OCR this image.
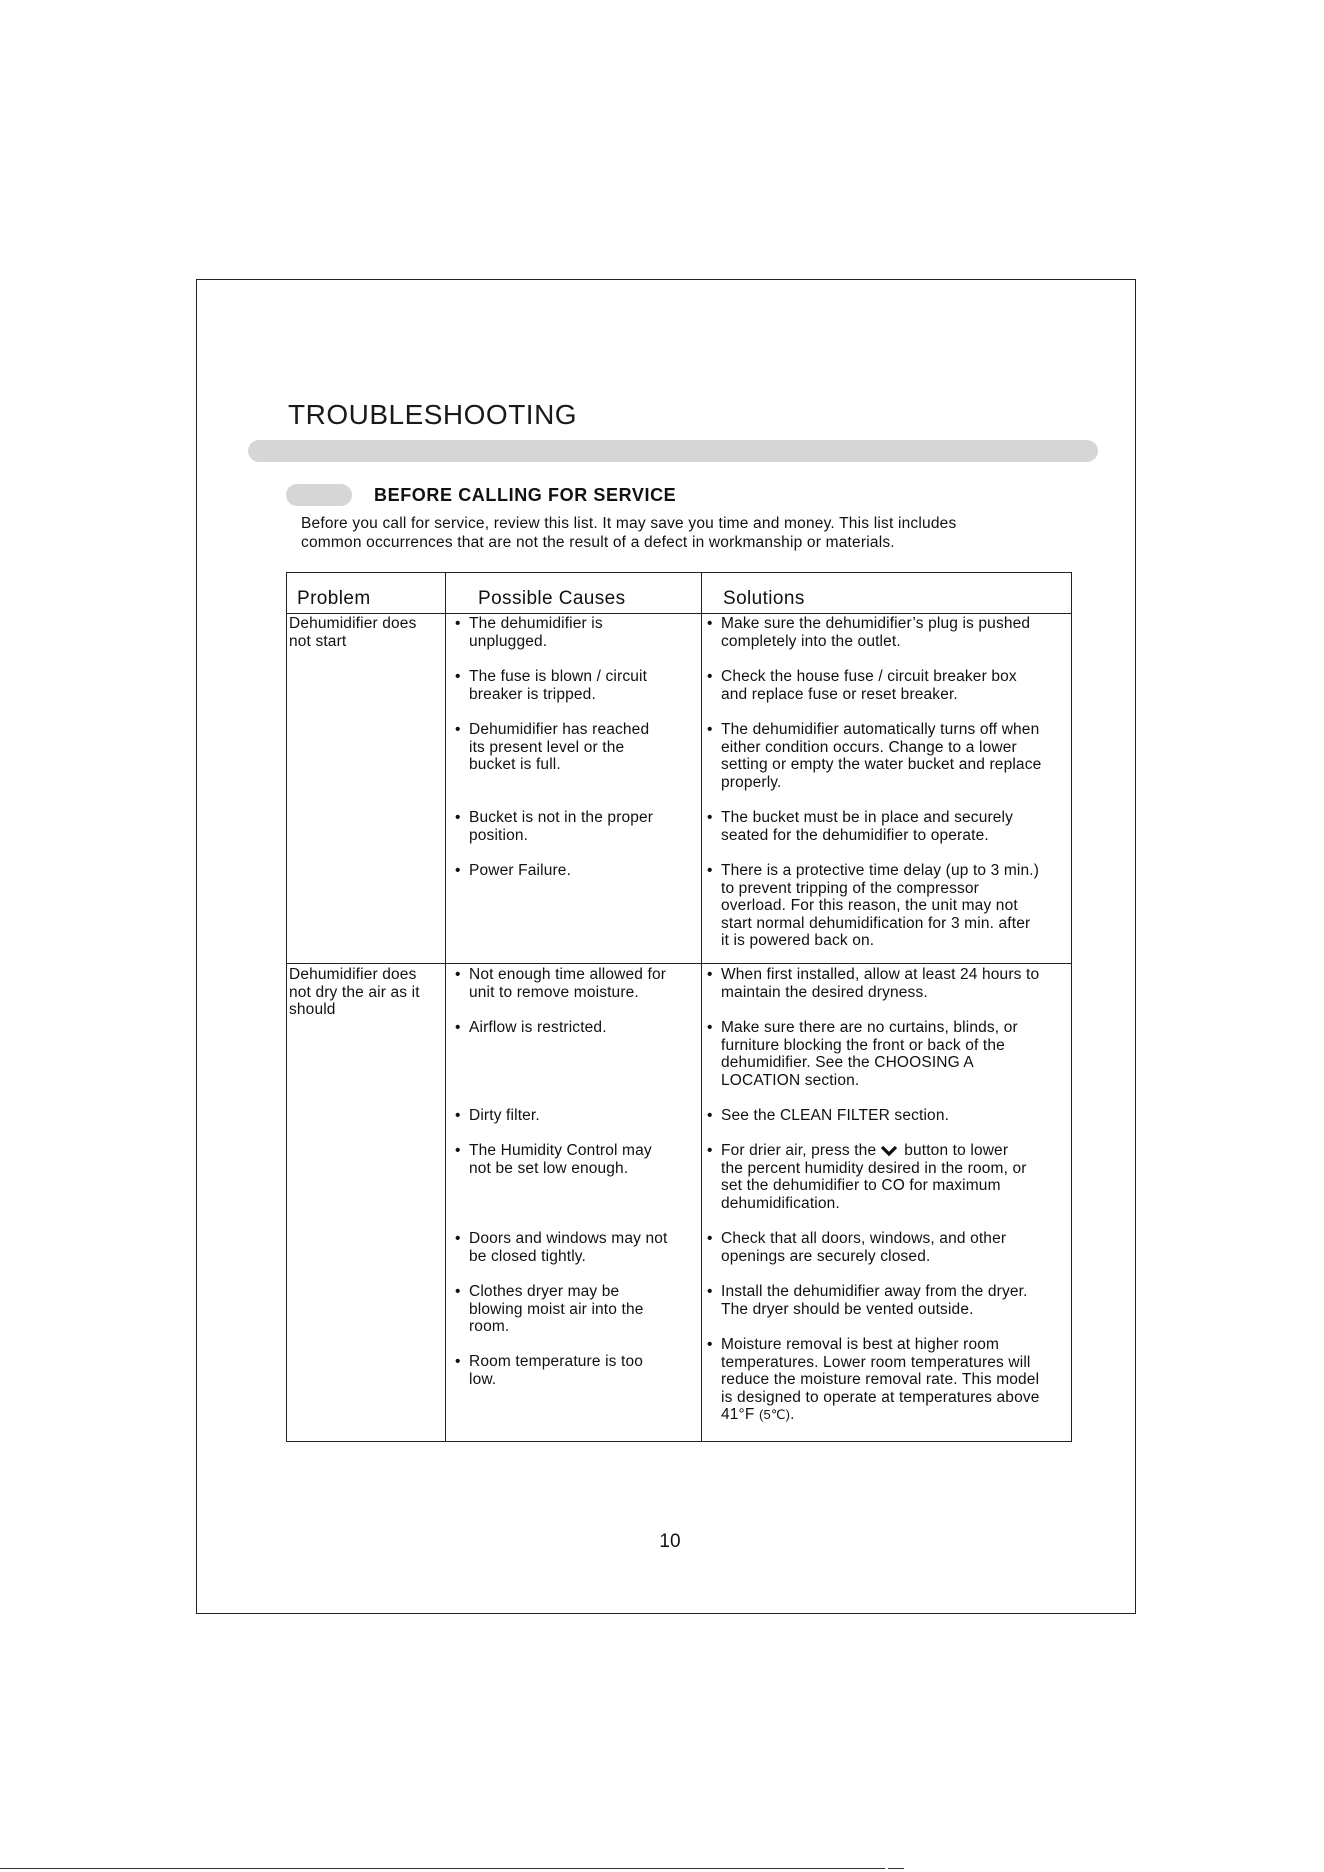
TROUBLESHOOTING
BEFORE CALLING FOR SERVICE

Before you call for service, review this list. It may save you time and money. This list includes
common occurrences that are not the result of a defect in workmanship or materials.

Problem	Possible Causes	Solutions
Dehumidifier does
not start
• The dehumidifier is
unplugged.
• The fuse is blown / circuit
breaker is tripped.
• Dehumidifier has reached
its present level or the
bucket is full.
• Bucket is not in the proper
position.
• Power Failure.
• Make sure the dehumidifier’s plug is pushed
completely into the outlet.
• Check the house fuse / circuit breaker box
and replace fuse or reset breaker.
• The dehumidifier automatically turns off when
either condition occurs. Change to a lower
setting or empty the water bucket and replace
properly.
• The bucket must be in place and securely
seated for the dehumidifier to operate.
• There is a protective time delay (up to 3 min.)
to prevent tripping of the compressor
overload. For this reason, the unit may not
start normal dehumidification for 3 min. after
it is powered back on.
Dehumidifier does
not dry the air as it
should
• Not enough time allowed for
unit to remove moisture.
• Airflow is restricted.
• Dirty filter.
• The Humidity Control may
not be set low enough.
• Doors and windows may not
be closed tightly.
• Clothes dryer may be
blowing moist air into the
room.
• Room temperature is too
low.
• When first installed, allow at least 24 hours to
maintain the desired dryness.
• Make sure there are no curtains, blinds, or
furniture blocking the front or back of the
dehumidifier. See the CHOOSING A
LOCATION section.
• See the CLEAN FILTER section.
• For drier air, press the button to lower
the percent humidity desired in the room, or
set the dehumidifier to CO for maximum
dehumidification.
• Check that all doors, windows, and other
openings are securely closed.
• Install the dehumidifier away from the dryer.
The dryer should be vented outside.
• Moisture removal is best at higher room
temperatures. Lower room temperatures will
reduce the moisture removal rate. This model
is designed to operate at temperatures above
41°F (5℃).
10
